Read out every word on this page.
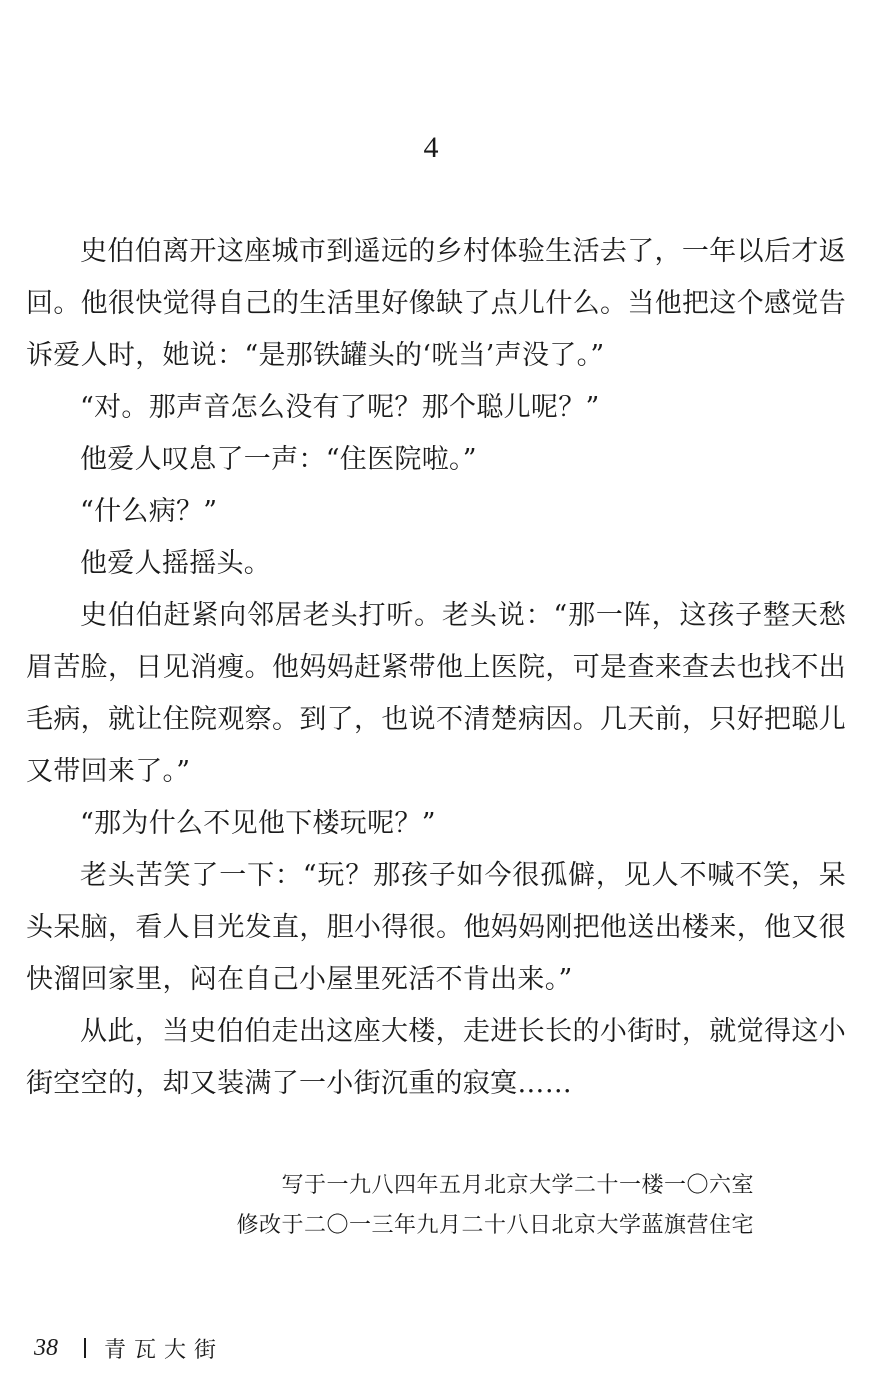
4

史伯伯离开这座城市到遥远的乡村体验生活去了，一年以后才返回。他很快觉得自己的生活里好像缺了点儿什么。当他把这个感觉告诉爱人时，她说：“是那铁罐头的‘咣当’声没了。”

“对。那声音怎么没有了呢？那个聪儿呢？”

他爱人叹息了一声：“住医院啦。”

“什么病？”

他爱人摇摇头。

史伯伯赶紧向邻居老头打听。老头说：“那一阵，这孩子整天愁眉苦脸，日见消瘦。他妈妈赶紧带他上医院，可是查来查去也找不出毛病，就让住院观察。到了，也说不清楚病因。几天前，只好把聪儿又带回来了。”

“那为什么不见他下楼玩呢？”

老头苦笑了一下：“玩？那孩子如今很孤僻，见人不喊不笑，呆头呆脑，看人目光发直，胆小得很。他妈妈刚把他送出楼来，他又很快溜回家里，闷在自己小屋里死活不肯出来。”

从此，当史伯伯走出这座大楼，走进长长的小街时，就觉得这小街空空的，却又装满了一小街沉重的寂寞……

写于一九八四年五月北京大学二十一楼一〇六室
修改于二〇一三年九月二十八日北京大学蓝旗营住宅
38 青瓦大街
